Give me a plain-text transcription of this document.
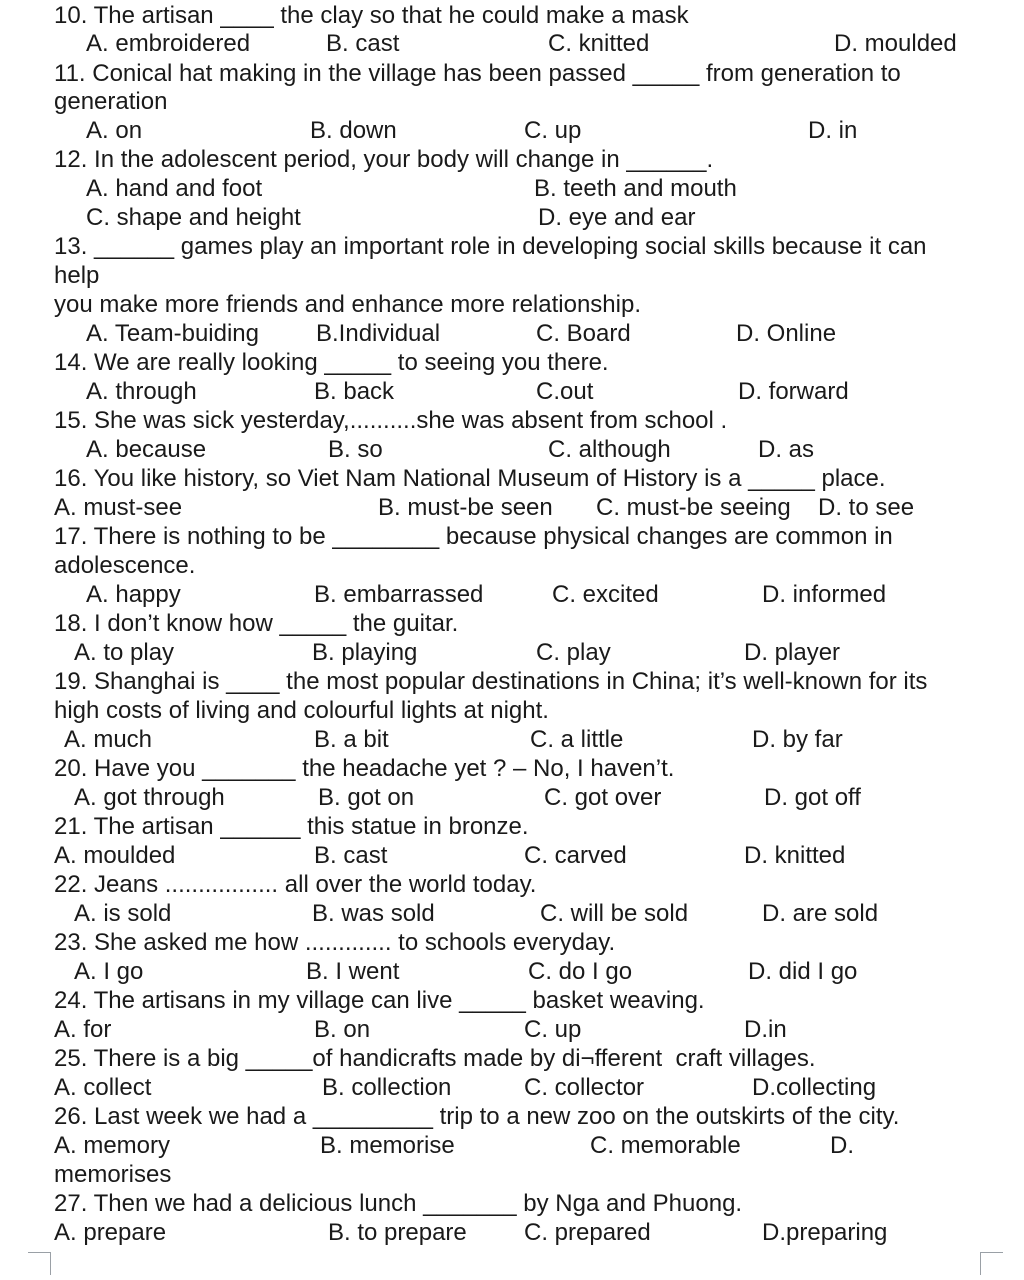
10. The artisan ____ the clay so that he could make a mask
A. embroidered	B. cast	C. knitted	D. moulded
11. Conical hat making in the village has been passed _____ from generation to
generation
A. on	B. down	C. up	D. in
12. In the adolescent period, your body will change in ______.
A. hand and foot	B. teeth and mouth
C. shape and height	D. eye and ear
13. ______ games play an important role in developing social skills because it can
help
you make more friends and enhance more relationship.
A. Team-buiding B.Individual	C. Board	D. Online
14. We are really looking _____ to seeing you there.
A. through	B. back	C.out	D. forward
15. She was sick yesterday,..........she was absent from school .
A. because	B. so	C. although	D. as
16. You like history, so Viet Nam National Museum of History is a _____ place.
A. must-see	B. must-be seen C. must-be seeing D. to see
17. There is nothing to be ________ because physical changes are common in
adolescence.
A. happy	B. embarrassed	C. excited	D. informed
18. I don’t know how _____ the guitar.
A. to play	B. playing	C. play	D. player
19. Shanghai is ____ the most popular destinations in China; it’s well-known for its
high costs of living and colourful lights at night.
A. much	B. a bit	C. a little	D. by far
20. Have you _______ the headache yet ? – No, I haven’t.
A. got through	B. got on	C. got over	D. got off
21. The artisan ______ this statue in bronze.
A. moulded	B. cast	C. carved	D. knitted
22. Jeans ................. all over the world today.
A. is sold	B. was sold	C. will be sold	D. are sold
23. She asked me how ............. to schools everyday.
A. I go	B. I went	C. do I go	D. did I go
24. The artisans in my village can live _____ basket weaving.
A. for	B. on	C. up	D.in
25. There is a big _____of handicrafts made by di¬fferent  craft villages.
A. collect	B. collection	C. collector	D.collecting
26. Last week we had a _________ trip to a new zoo on the outskirts of the city.
A. memory	B. memorise	C. memorable	D.
memorises
27. Then we had a delicious lunch _______ by Nga and Phuong.
A. prepare	B. to prepare C. prepared	D.preparing
